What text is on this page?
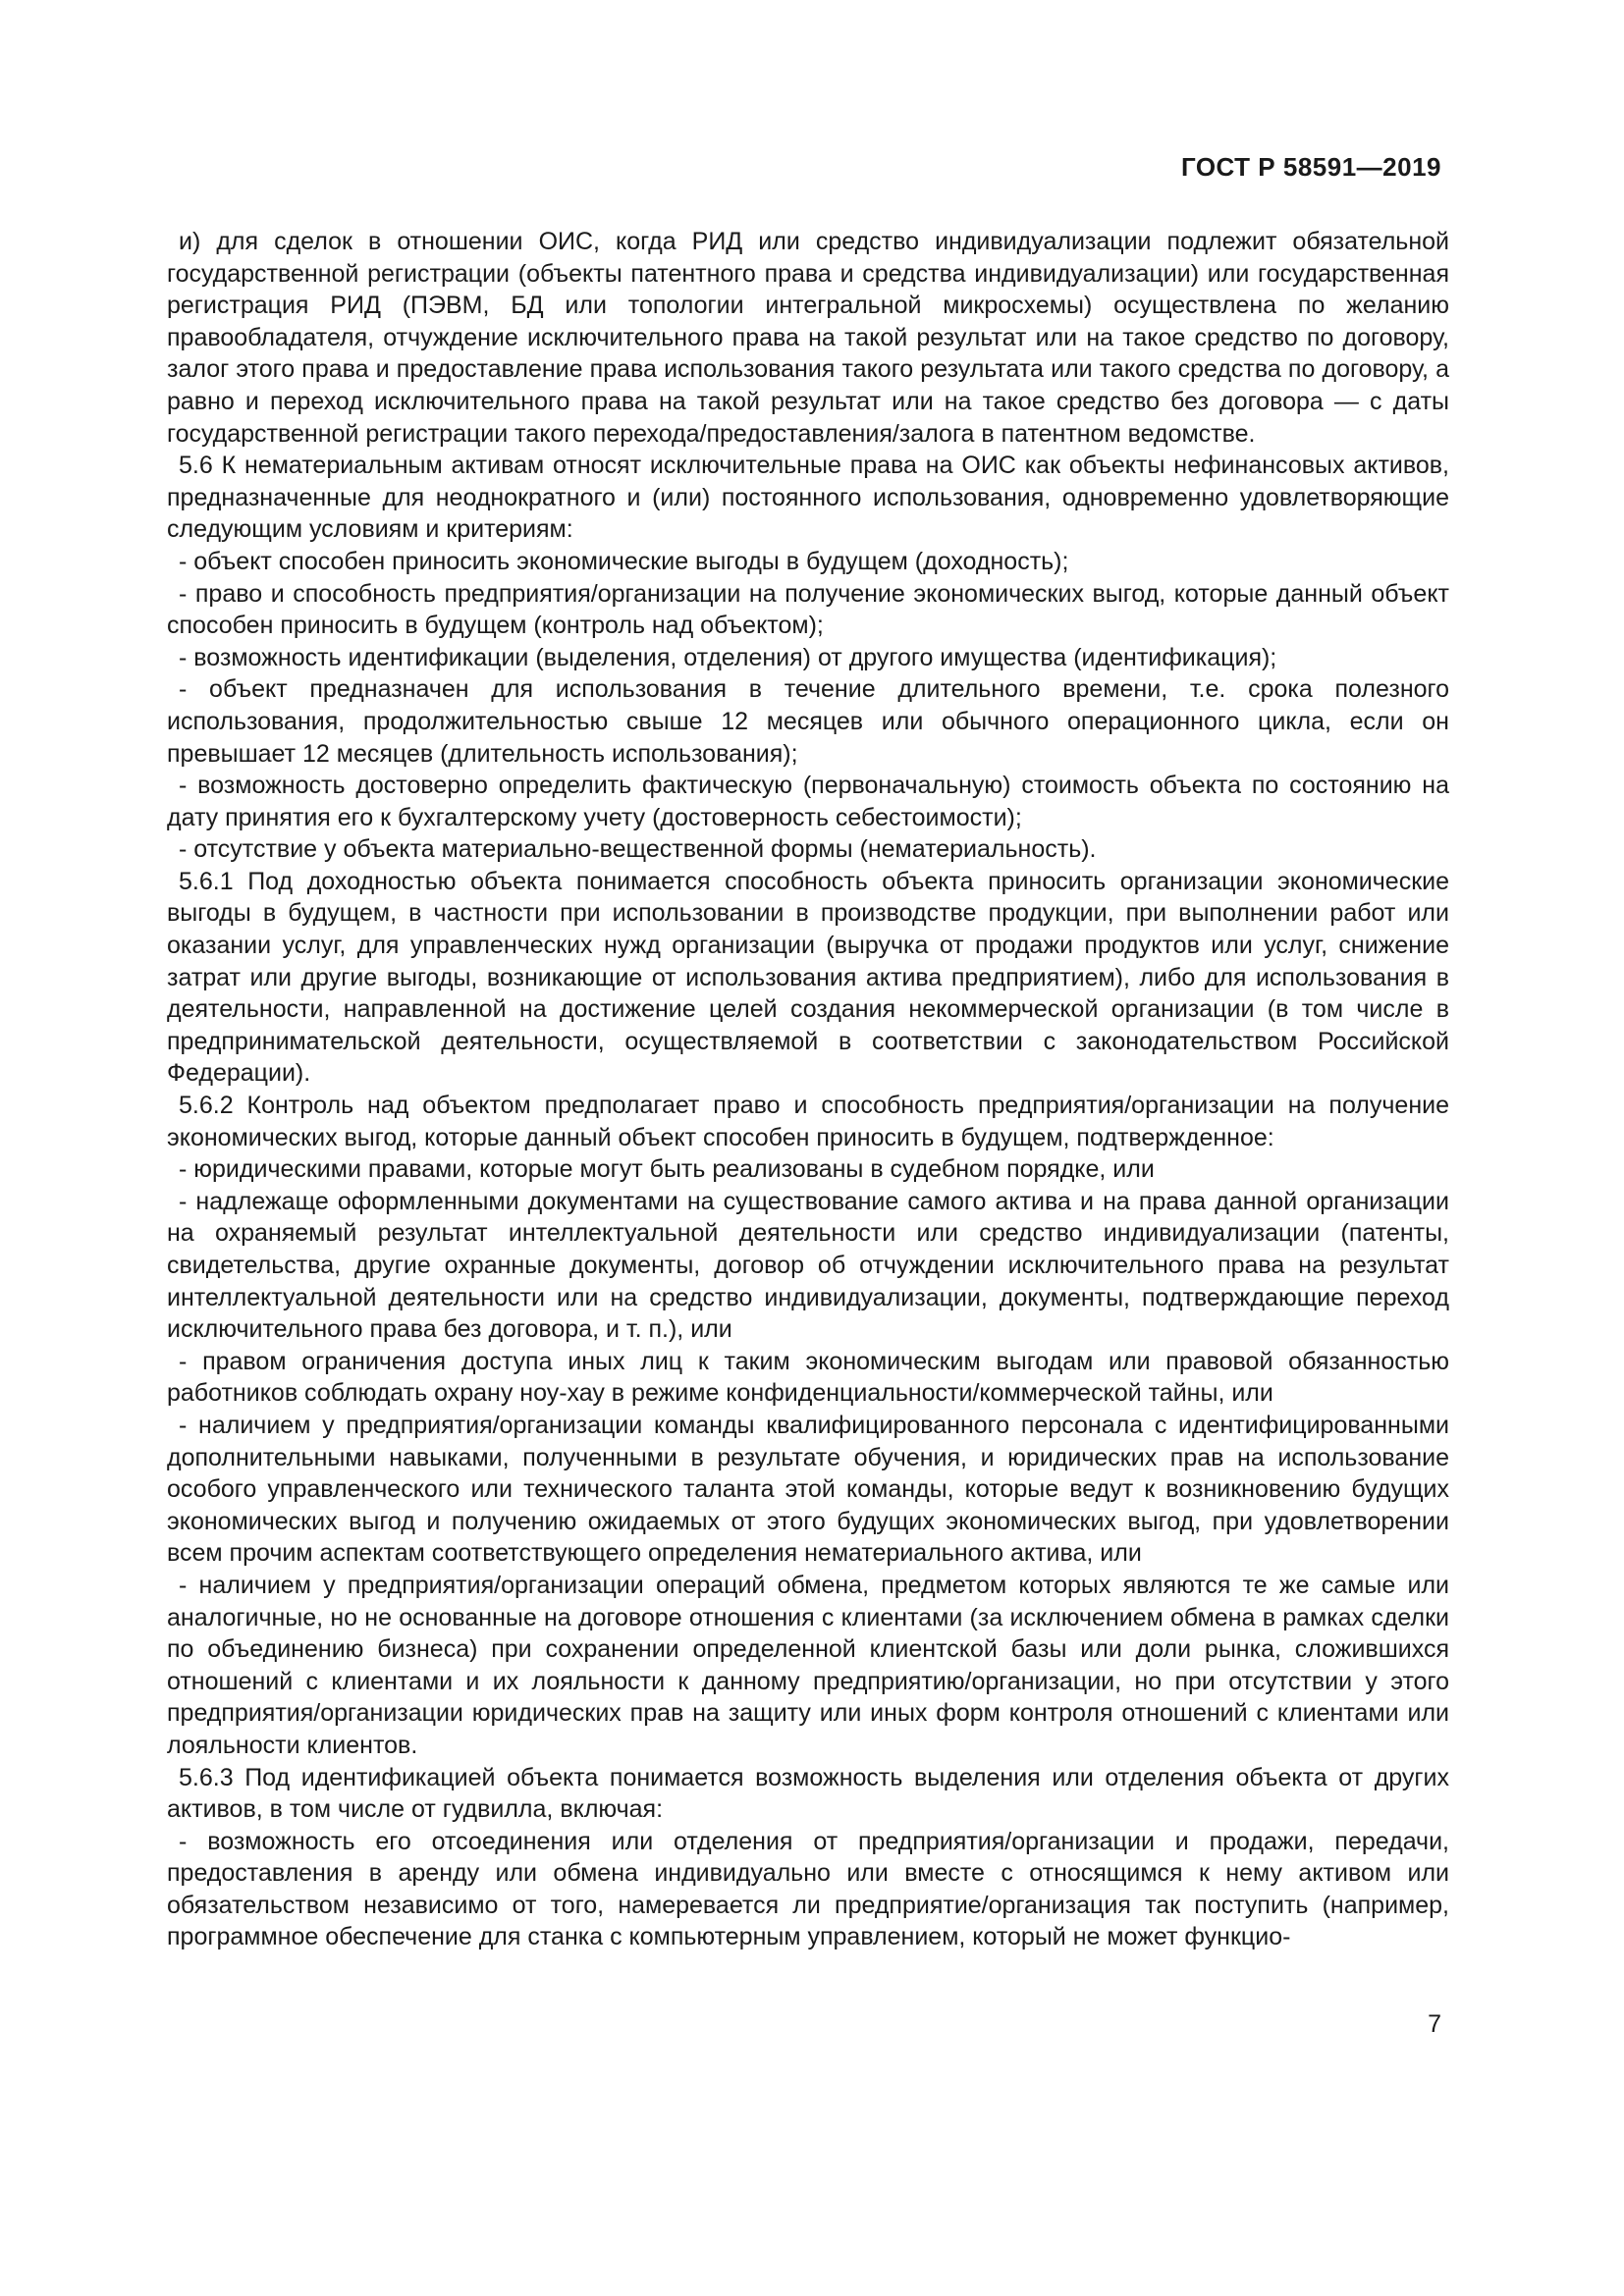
ГОСТ Р 58591—2019

и) для сделок в отношении ОИС, когда РИД или средство индивидуализации подлежит обязательной государственной регистрации (объекты патентного права и средства индивидуализации) или государственная регистрация РИД (ПЭВМ, БД или топологии интегральной микросхемы) осуществлена по желанию правообладателя, отчуждение исключительного права на такой результат или на такое средство по договору, залог этого права и предоставление права использования такого результата или такого средства по договору, а равно и переход исключительного права на такой результат или на такое средство без договора — с даты государственной регистрации такого перехода/предоставления/залога в патентном ведомстве.

5.6 К нематериальным активам относят исключительные права на ОИС как объекты нефинансовых активов, предназначенные для неоднократного и (или) постоянного использования, одновременно удовлетворяющие следующим условиям и критериям:

- объект способен приносить экономические выгоды в будущем (доходность);

- право и способность предприятия/организации на получение экономических выгод, которые данный объект способен приносить в будущем (контроль над объектом);

- возможность идентификации (выделения, отделения) от другого имущества (идентификация);

- объект предназначен для использования в течение длительного времени, т.е. срока полезного использования, продолжительностью свыше 12 месяцев или обычного операционного цикла, если он превышает 12 месяцев (длительность использования);

- возможность достоверно определить фактическую (первоначальную) стоимость объекта по состоянию на дату принятия его к бухгалтерскому учету (достоверность себестоимости);

- отсутствие у объекта материально-вещественной формы (нематериальность).

5.6.1 Под доходностью объекта понимается способность объекта приносить организации экономические выгоды в будущем, в частности при использовании в производстве продукции, при выполнении работ или оказании услуг, для управленческих нужд организации (выручка от продажи продуктов или услуг, снижение затрат или другие выгоды, возникающие от использования актива предприятием), либо для использования в деятельности, направленной на достижение целей создания некоммерческой организации (в том числе в предпринимательской деятельности, осуществляемой в соответствии с законодательством Российской Федерации).

5.6.2 Контроль над объектом предполагает право и способность предприятия/организации на получение экономических выгод, которые данный объект способен приносить в будущем, подтвержденное:

- юридическими правами, которые могут быть реализованы в судебном порядке, или

- надлежаще оформленными документами на существование самого актива и на права данной организации на охраняемый результат интеллектуальной деятельности или средство индивидуализации (патенты, свидетельства, другие охранные документы, договор об отчуждении исключительного права на результат интеллектуальной деятельности или на средство индивидуализации, документы, подтверждающие переход исключительного права без договора, и т. п.), или

- правом ограничения доступа иных лиц к таким экономическим выгодам или правовой обязанностью работников соблюдать охрану ноу-хау в режиме конфиденциальности/коммерческой тайны, или

- наличием у предприятия/организации команды квалифицированного персонала с идентифицированными дополнительными навыками, полученными в результате обучения, и юридических прав на использование особого управленческого или технического таланта этой команды, которые ведут к возникновению будущих экономических выгод и получению ожидаемых от этого будущих экономических выгод, при удовлетворении всем прочим аспектам соответствующего определения нематериального актива, или

- наличием у предприятия/организации операций обмена, предметом которых являются те же самые или аналогичные, но не основанные на договоре отношения с клиентами (за исключением обмена в рамках сделки по объединению бизнеса) при сохранении определенной клиентской базы или доли рынка, сложившихся отношений с клиентами и их лояльности к данному предприятию/организации, но при отсутствии у этого предприятия/организации юридических прав на защиту или иных форм контроля отношений с клиентами или лояльности клиентов.

5.6.3 Под идентификацией объекта понимается возможность выделения или отделения объекта от других активов, в том числе от гудвилла, включая:

- возможность его отсоединения или отделения от предприятия/организации и продажи, передачи, предоставления в аренду или обмена индивидуально или вместе с относящимся к нему активом или обязательством независимо от того, намеревается ли предприятие/организация так поступить (например, программное обеспечение для станка с компьютерным управлением, который не может функцио-

7
